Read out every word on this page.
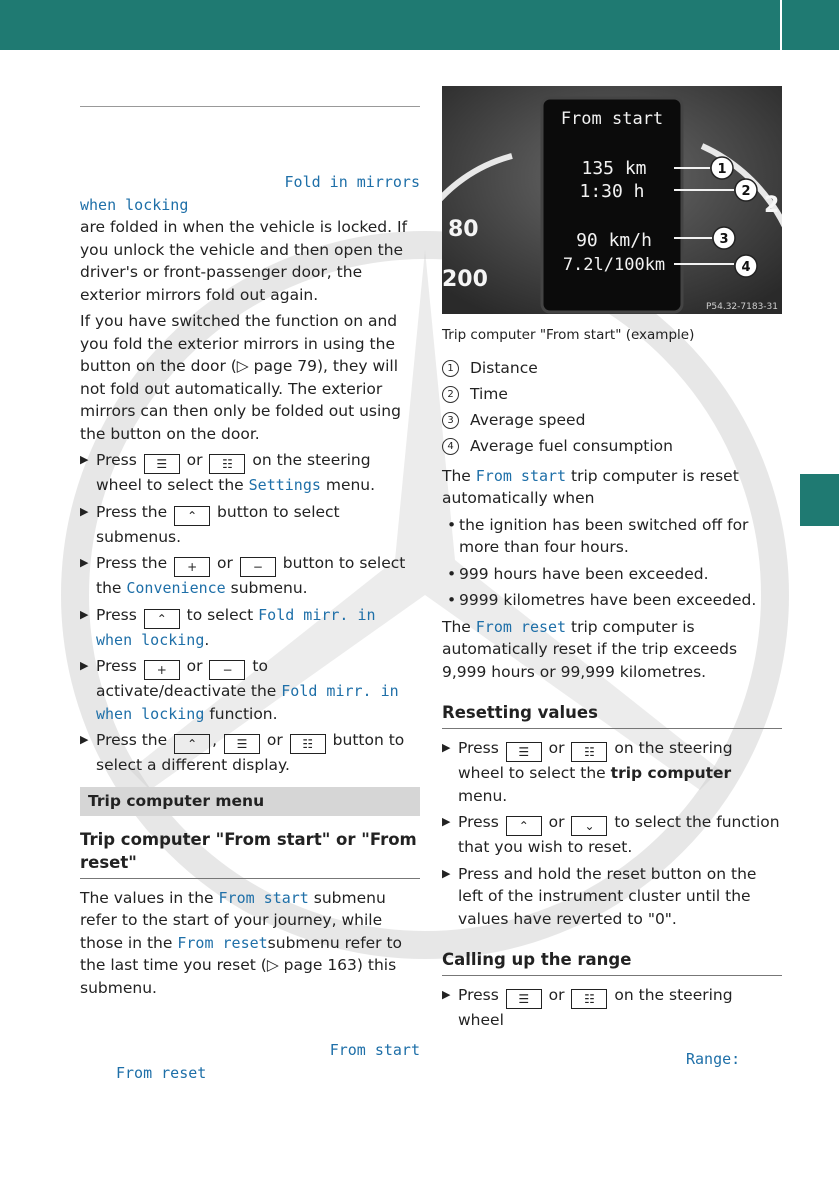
Fold in mirrors

when locking

are folded in when the vehicle is locked. If you unlock the vehicle and then open the driver's or front-passenger door, the exterior mirrors fold out again.

If you have switched the function on and you fold the exterior mirrors in using the button on the door (▷ page 79), they will not fold out automatically. The exterior mirrors can then only be folded out using the button on the door.

▶ Press ☰ or ☷ on the steering wheel to select the Settings menu.
▶ Press the ⌃ button to select submenus.
▶ Press the + or − button to select the Convenience submenu.
▶ Press ⌃ to select Fold mirr. in when locking.
▶ Press + or − to activate/deactivate the Fold mirr. in when locking function.
▶ Press the ⌃ , ☰ or ☷ button to select a different display.
Trip computer menu
Trip computer "From start" or "From reset"

The values in the From start submenu refer to the start of your journey, while those in the From resetsubmenu refer to the last time you reset (▷ page 163) this submenu.

From start

From reset

From start
135 km
1:30 h
90 km/h
7.2l/100km
80
200
2
1
2
3
4
P54.32-7183-31
Trip computer "From start" (example)
1	Distance
2	Time
3	Average speed
4	Average fuel consumption

The From start trip computer is reset automatically when

• the ignition has been switched off for more than four hours.
• 999 hours have been exceeded.
• 9999 kilometres have been exceeded.

The From reset trip computer is automatically reset if the trip exceeds 9,999 hours or 99,999 kilometres.

Resetting values
▶ Press ☰ or ☷ on the steering wheel to select the trip computer menu.
▶ Press ⌃ or ⌄ to select the function that you wish to reset.
▶ Press and hold the reset button on the left of the instrument cluster until the values have reverted to "0".
Calling up the range
▶ Press ☰ or ☷ on the steering wheel

Range:
